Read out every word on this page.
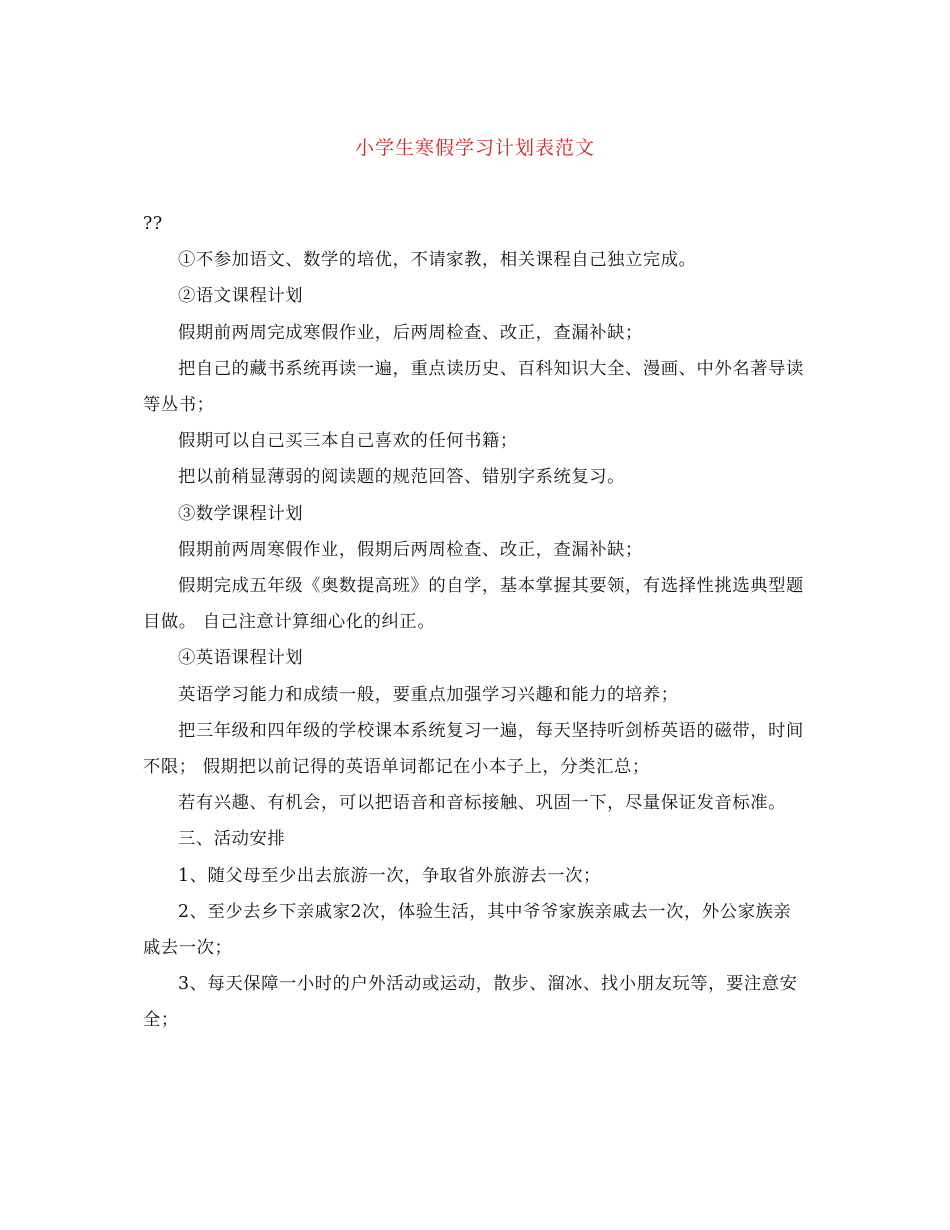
小学生寒假学习计划表范文

??

①不参加语文、数学的培优，不请家教，相关课程自己独立完成。

②语文课程计划

假期前两周完成寒假作业，后两周检查、改正，查漏补缺；

把自己的藏书系统再读一遍，重点读历史、百科知识大全、漫画、中外名著导读等丛书；

假期可以自己买三本自己喜欢的任何书籍；

把以前稍显薄弱的阅读题的规范回答、错别字系统复习。

③数学课程计划

假期前两周寒假作业，假期后两周检查、改正，查漏补缺；

假期完成五年级《奥数提高班》的自学，基本掌握其要领，有选择性挑选典型题目做。 自己注意计算细心化的纠正。

④英语课程计划

英语学习能力和成绩一般，要重点加强学习兴趣和能力的培养；

把三年级和四年级的学校课本系统复习一遍，每天坚持听剑桥英语的磁带，时间不限； 假期把以前记得的英语单词都记在小本子上，分类汇总；

若有兴趣、有机会，可以把语音和音标接触、巩固一下，尽量保证发音标准。

三、活动安排

1、随父母至少出去旅游一次，争取省外旅游去一次；

2、至少去乡下亲戚家2次，体验生活，其中爷爷家族亲戚去一次，外公家族亲戚去一次；

3、每天保障一小时的户外活动或运动，散步、溜冰、找小朋友玩等，要注意安全；
